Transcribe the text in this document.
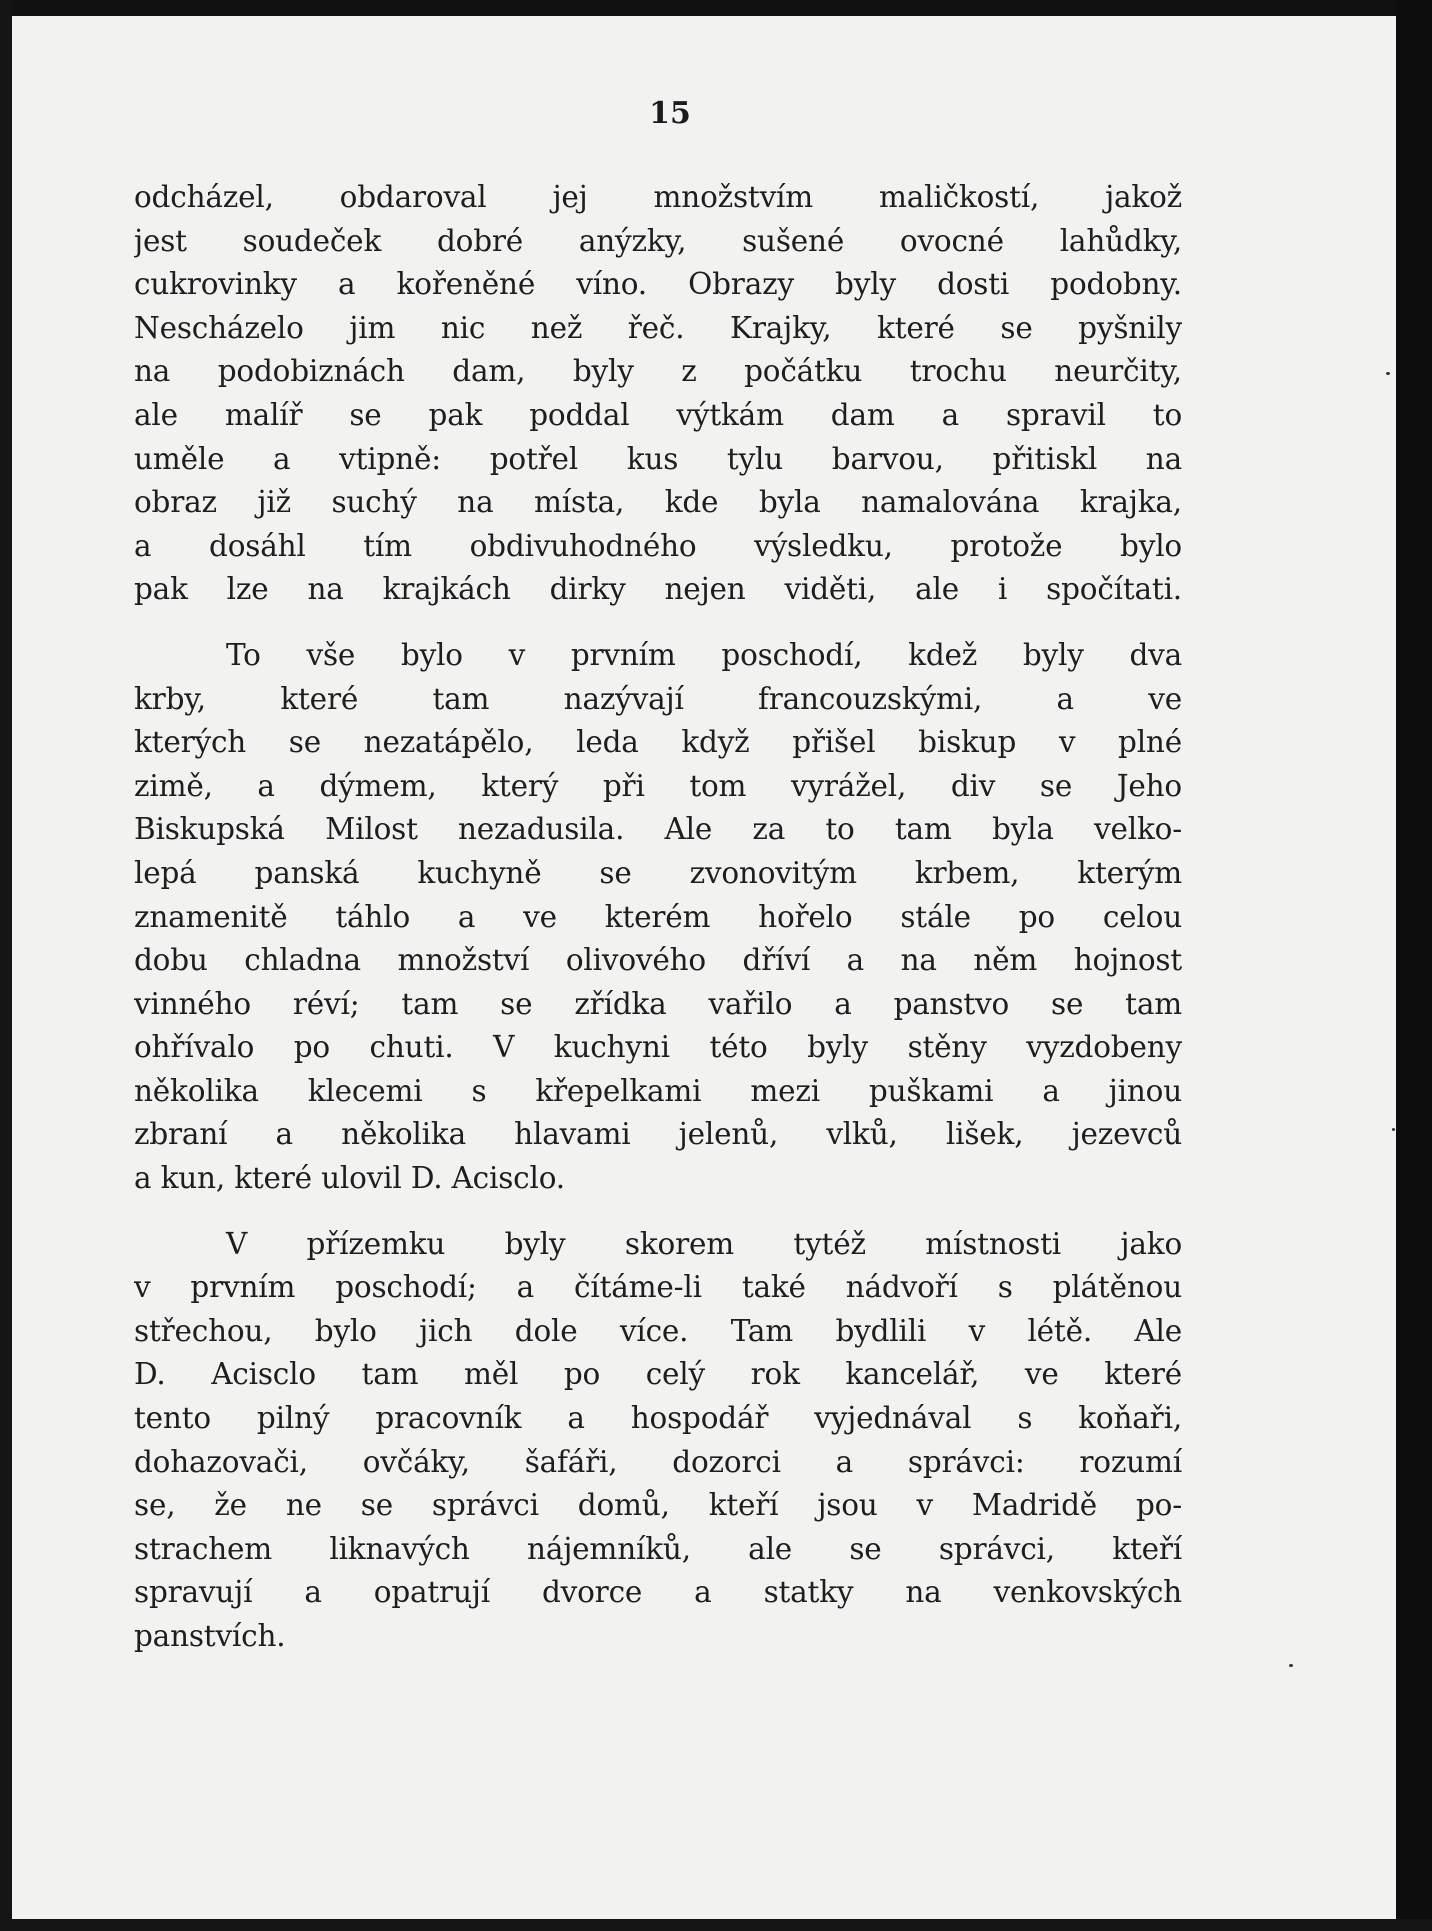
15

odcházel, obdaroval jej množstvím maličkostí, jakož
jest soudeček dobré anýzky, sušené ovocné lahůdky,
cukrovinky a kořeněné víno. Obrazy byly dosti podobny.
Nescházelo jim nic než řeč. Krajky, které se pyšnily
na podobiznách dam, byly z počátku trochu neurčity,
ale malíř se pak poddal výtkám dam a spravil to
uměle a vtipně: potřel kus tylu barvou, přitiskl na
obraz již suchý na místa, kde byla namalována krajka,
a dosáhl tím obdivuhodného výsledku, protože bylo
pak lze na krajkách dirky nejen viděti, ale i spočítati.

To vše bylo v prvním poschodí, kdež byly dva
krby, které tam nazývají francouzskými, a ve
kterých se nezatápělo, leda když přišel biskup v plné
zimě, a dýmem, který při tom vyrážel, div se Jeho
Biskupská Milost nezadusila. Ale za to tam byla velko-
lepá panská kuchyně se zvonovitým krbem, kterým
znamenitě táhlo a ve kterém hořelo stále po celou
dobu chladna množství olivového dříví a na něm hojnost
vinného réví; tam se zřídka vařilo a panstvo se tam
ohřívalo po chuti. V kuchyni této byly stěny vyzdobeny
několika klecemi s křepelkami mezi puškami a jinou
zbraní a několika hlavami jelenů, vlků, lišek, jezevců
a kun, které ulovil D. Acisclo.

V přízemku byly skorem tytéž místnosti jako
v prvním poschodí; a čítáme-li také nádvoří s plátěnou
střechou, bylo jich dole více. Tam bydlili v létě. Ale
D. Acisclo tam měl po celý rok kancelář, ve které
tento pilný pracovník a hospodář vyjednával s koňaři,
dohazovači, ovčáky, šafáři, dozorci a správci: rozumí
se, že ne se správci domů, kteří jsou v Madridě po-
strachem liknavých nájemníků, ale se správci, kteří
spravují a opatrují dvorce a statky na venkovských
panstvích.
